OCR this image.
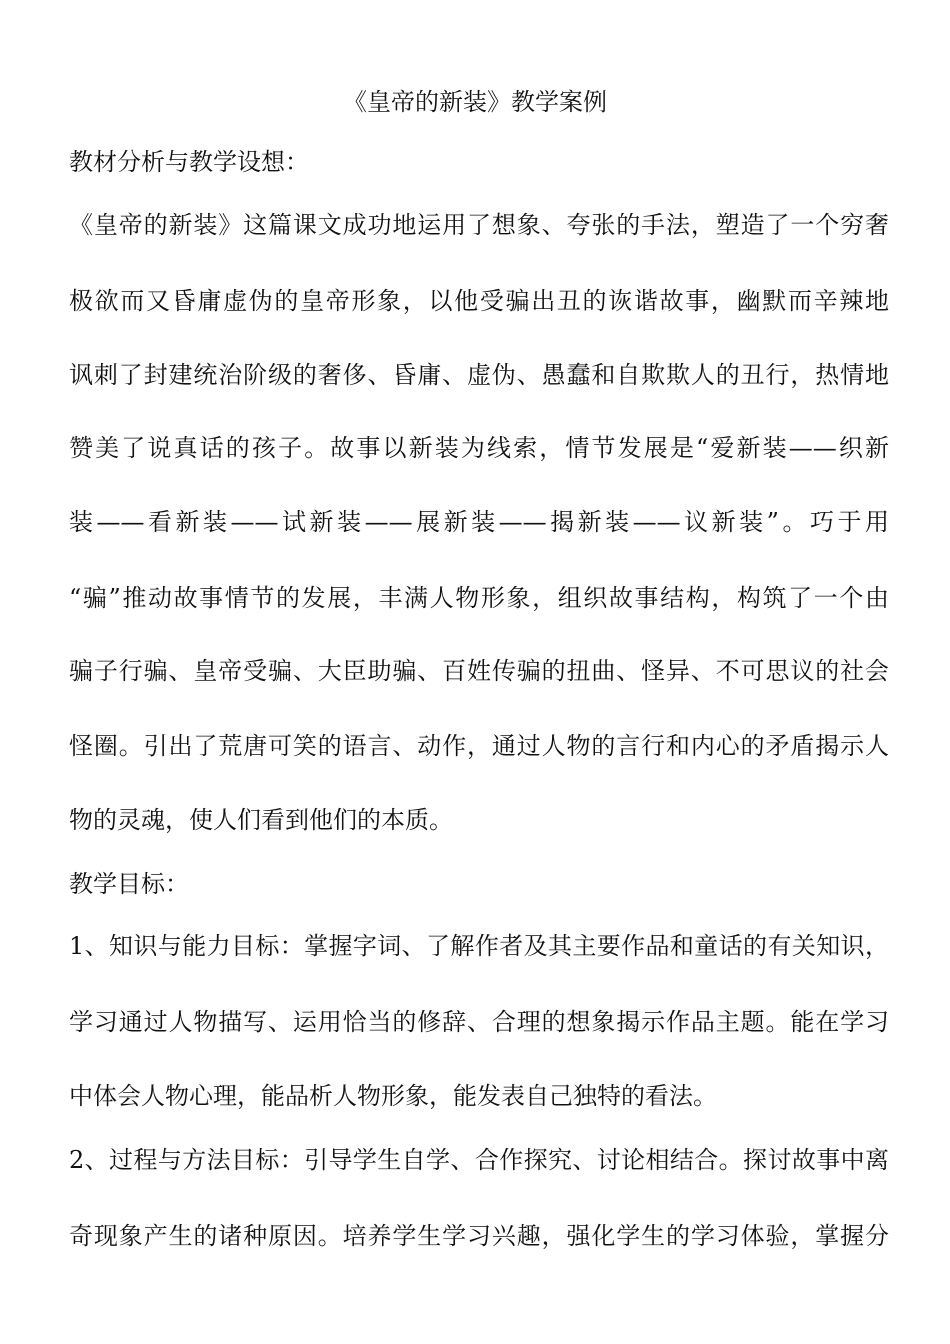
《皇帝的新装》教学案例
教材分析与教学设想：
《皇帝的新装》这篇课文成功地运用了想象、夸张的手法，塑造了一个穷奢
极欲而又昏庸虚伪的皇帝形象，以他受骗出丑的诙谐故事，幽默而辛辣地
讽刺了封建统治阶级的奢侈、昏庸、虚伪、愚蠢和自欺欺人的丑行，热情地
赞美了说真话的孩子。故事以新装为线索，情节发展是“爱新装——织新
装——看新装——试新装——展新装——揭新装——议新装”。巧于用
“骗”推动故事情节的发展，丰满人物形象，组织故事结构，构筑了一个由
骗子行骗、皇帝受骗、大臣助骗、百姓传骗的扭曲、怪异、不可思议的社会
怪圈。引出了荒唐可笑的语言、动作，通过人物的言行和内心的矛盾揭示人
物的灵魂，使人们看到他们的本质。
教学目标：
1、知识与能力目标：掌握字词、了解作者及其主要作品和童话的有关知识，
学习通过人物描写、运用恰当的修辞、合理的想象揭示作品主题。能在学习
中体会人物心理，能品析人物形象，能发表自己独特的看法。
2、过程与方法目标：引导学生自学、合作探究、讨论相结合。探讨故事中离
奇现象产生的诸种原因。培养学生学习兴趣，强化学生的学习体验，掌握分
